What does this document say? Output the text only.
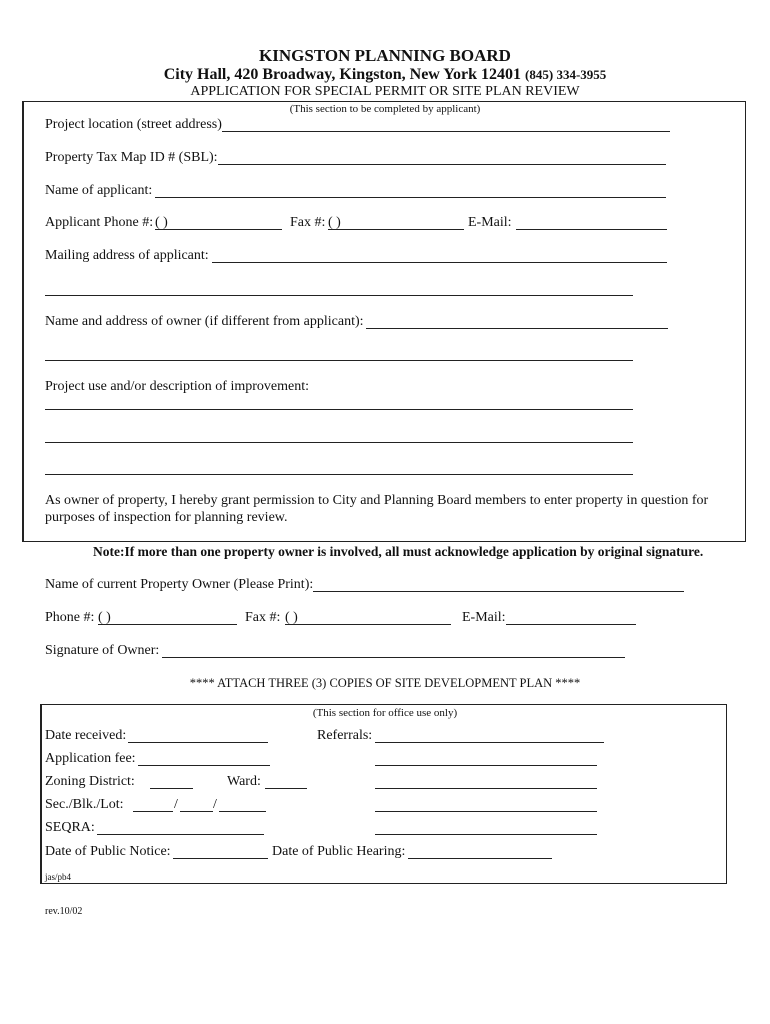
KINGSTON PLANNING BOARD
City Hall, 420 Broadway, Kingston, New York 12401 (845) 334-3955
APPLICATION FOR SPECIAL PERMIT OR SITE PLAN REVIEW
(This section to be completed by applicant)
Project location (street address)
Property Tax Map ID # (SBL):
Name of applicant:
Applicant Phone #: ( )	Fax #: ( )	E-Mail:
Mailing address of applicant:
Name and address of owner (if different from applicant):
Project use and/or description of improvement:
As owner of property, I hereby grant permission to City and Planning Board members to enter property in question for
purposes of inspection for planning review.
Note:If more than one property owner is involved, all must acknowledge application by original signature.
Name of current Property Owner (Please Print):
Phone #: ( )	Fax #: ( )	E-Mail:
Signature of Owner:
**** ATTACH THREE (3) COPIES OF SITE DEVELOPMENT PLAN ****
(This section for office use only)
Date received:	Referrals:
Application fee:
Zoning District:	Ward:
Sec./Blk./Lot:	/	/
SEQRA:
Date of Public Notice:	Date of Public Hearing:
jas/pb4
rev.10/02
